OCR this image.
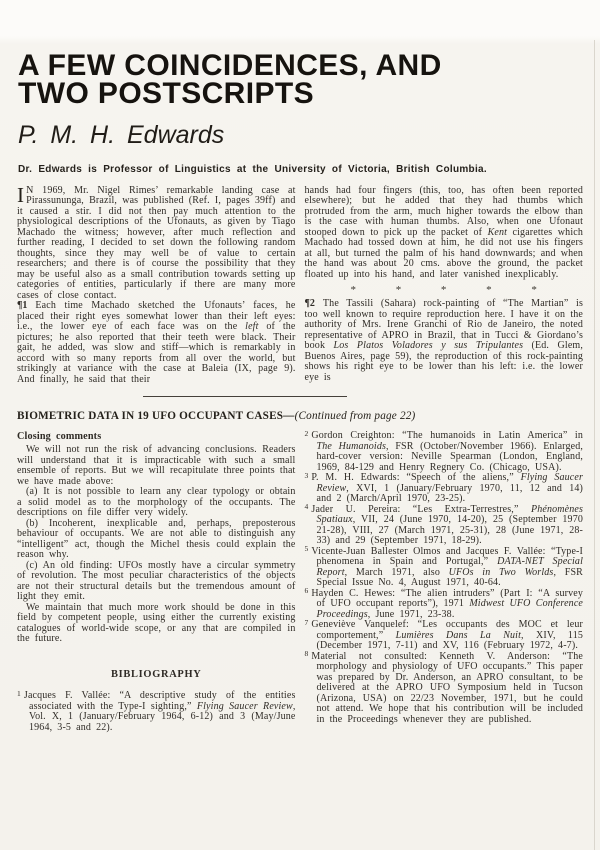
A FEW COINCIDENCES, AND
TWO POSTSCRIPTS
P. M. H. Edwards
Dr. Edwards is Professor of Linguistics at the University of Victoria, British Columbia.

I N 1969, Mr. Nigel Rimes’ remarkable landing case at Pirassununga, Brazil, was published (Ref. I, pages 39ff) and it caused a stir. I did not then pay much attention to the physiological descriptions of the Ufonauts, as given by Tiago Machado the witness; however, after much reflection and further reading, I decided to set down the following random thoughts, since they may well be of value to certain researchers; and there is of course the possibility that they may be useful also as a small contribution towards setting up categories of entities, particularly if there are many more cases of close contact.

¶1 Each time Machado sketched the Ufonauts’ faces, he placed their right eyes somewhat lower than their left eyes: i.e., the lower eye of each face was on the left of the pictures; he also reported that their teeth were black. Their gait, he added, was slow and stiff—which is remarkably in accord with so many reports from all over the world, but strikingly at variance with the case at Baleia (IX, page 9). And finally, he said that their

hands had four fingers (this, too, has often been reported elsewhere); but he added that they had thumbs which protruded from the arm, much higher towards the elbow than is the case with human thumbs. Also, when one Ufonaut stooped down to pick up the packet of Kent cigarettes which Machado had tossed down at him, he did not use his fingers at all, but turned the palm of his hand downwards; and when the hand was about 20 cms. above the ground, the packet floated up into his hand, and later vanished inexplicably.

*	*	*	*	*

¶2 The Tassili (Sahara) rock-painting of “The Martian” is too well known to require reproduction here. I have it on the authority of Mrs. Irene Granchi of Rio de Janeiro, the noted representative of APRO in Brazil, that in Tucci & Giordano’s book Los Platos Voladores y sus Tripulantes (Ed. Glem, Buenos Aires, page 59), the reproduction of this rock-painting shows his right eye to be lower than his left: i.e. the lower eye is

BIOMETRIC DATA IN 19 UFO OCCUPANT CASES—(Continued from page 22)
Closing comments

We will not run the risk of advancing conclusions. Readers will understand that it is impracticable with such a small ensemble of reports. But we will recapitulate three points that we have made above:

(a) It is not possible to learn any clear typology or obtain a solid model as to the morphology of the occupants. The descriptions on file differ very widely.

(b) Incoherent, inexplicable and, perhaps, preposterous behaviour of occupants. We are not able to distinguish any “intelligent” act, though the Michel thesis could explain the reason why.

(c) An old finding: UFOs mostly have a circular symmetry of revolution. The most peculiar characteristics of the objects are not their structural details but the tremendous amount of light they emit.

We maintain that much more work should be done in this field by competent people, using either the currently existing catalogues of world-wide scope, or any that are compiled in the future.

BIBLIOGRAPHY
$^1$ Jacques F. Vallée: “A descriptive study of the entities associated with the Type-I sighting,” Flying Saucer Review, Vol. X, 1 (January/February 1964, 6-12) and 3 (May/June 1964, 3-5 and 22).
$^2$ Gordon Creighton: “The humanoids in Latin America” in The Humanoids, FSR (October/November 1966). Enlarged, hard-cover version: Neville Spearman (London, England, 1969, 84-129 and Henry Regnery Co. (Chicago, USA).
$^3$ P. M. H. Edwards: “Speech of the aliens,” Flying Saucer Review, XVI, 1 (January/February 1970, 11, 12 and 14) and 2 (March/April 1970, 23-25).
$^4$ Jader U. Pereira: “Les Extra-Terrestres,” Phénomènes Spatiaux, VII, 24 (June 1970, 14-20), 25 (September 1970 21-28), VIII, 27 (March 1971, 25-31), 28 (June 1971, 28-33) and 29 (September 1971, 18-29).
$^5$ Vicente-Juan Ballester Olmos and Jacques F. Vallée: “Type-I phenomena in Spain and Portugal,” DATA-NET Special Report, March 1971, also UFOs in Two Worlds, FSR Special Issue No. 4, August 1971, 40-64.
$^6$ Hayden C. Hewes: “The alien intruders” (Part I: “A survey of UFO occupant reports”), 1971 Midwest UFO Conference Proceedings, June 1971, 23-38.
$^7$ Geneviève Vanquelef: “Les occupants des MOC et leur comportement,” Lumières Dans La Nuit, XIV, 115 (December 1971, 7-11) and XV, 116 (February 1972, 4-7).
$^8$ Material not consulted: Kenneth V. Anderson: “The morphology and physiology of UFO occupants.” This paper was prepared by Dr. Anderson, an APRO consultant, to be delivered at the APRO UFO Symposium held in Tucson (Arizona, USA) on 22/23 November, 1971, but he could not attend. We hope that his contribution will be included in the Proceedings whenever they are published.
